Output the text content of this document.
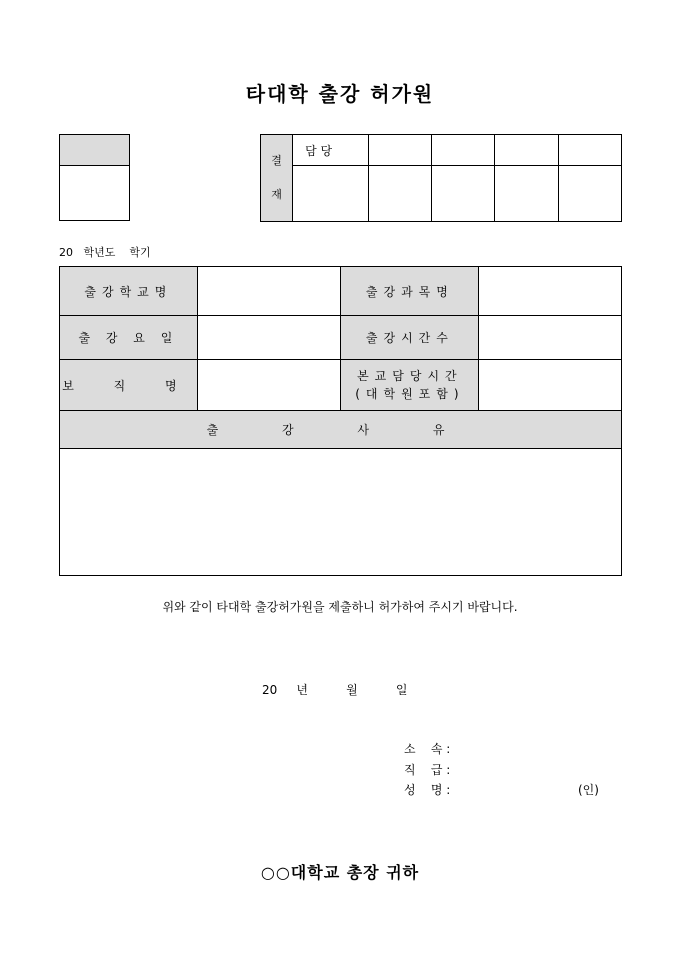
타대학 출강 허가원

결
재	담 당				

20   학년도    학기
출강학교명		출강과목명	
출 강 요 일		출강시간수	
보 직 명		본교담당시간
(대학원포함)	

출 강 사 유			

위와 같이 타대학 출강허가원을 제출하니 허가하여 주시기 바랍니다.
20     년          월          일
소    속 :
직    급 :
성    명 :	(인)
○○대학교 총장 귀하
